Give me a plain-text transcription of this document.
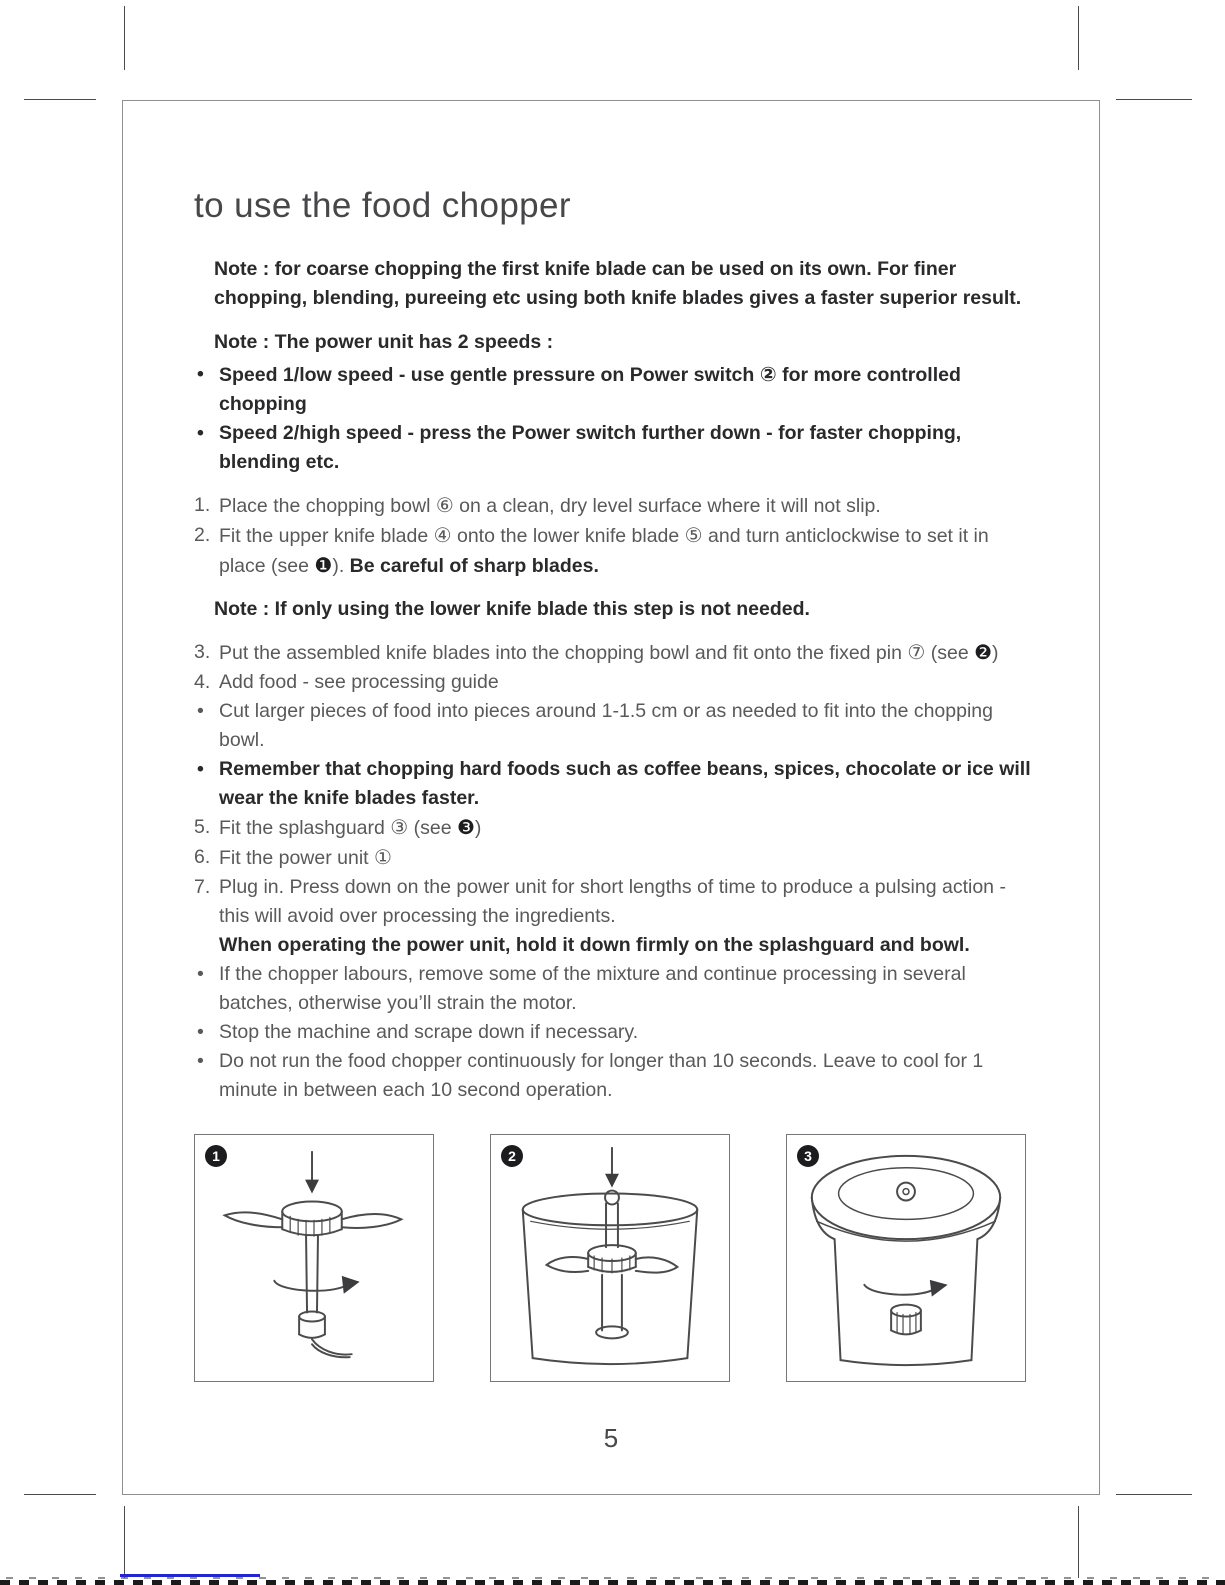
to use the food chopper

Note : for coarse chopping the first knife blade can be used on its own. For finer chopping, blending, pureeing etc using both knife blades gives a faster superior result.

Note : The power unit has 2 speeds :

• Speed 1/low speed - use gentle pressure on Power switch ② for more controlled chopping
• Speed 2/high speed - press the Power switch further down - for faster chopping, blending etc.
1. Place the chopping bowl ⑥ on a clean, dry level surface where it will not slip.
2. Fit the upper knife blade ④ onto the lower knife blade ⑤ and turn anticlockwise to set it in place (see ❶). Be careful of sharp blades.

Note : If only using the lower knife blade this step is not needed.

3. Put the assembled knife blades into the chopping bowl and fit onto the fixed pin ⑦ (see ❷)
4. Add food - see processing guide
• Cut larger pieces of food into pieces around 1-1.5 cm or as needed to fit into the chopping bowl.
• Remember that chopping hard foods such as coffee beans, spices, chocolate or ice will wear the knife blades faster.
5. Fit the splashguard ③ (see ❸)
6. Fit the power unit ①
7. Plug in. Press down on the power unit for short lengths of time to produce a pulsing action - this will avoid over processing the ingredients.
When operating the power unit, hold it down firmly on the splashguard and bowl.
• If the chopper labours, remove some of the mixture and continue processing in several batches, otherwise you’ll strain the motor.
• Stop the machine and scrape down if necessary.
• Do not run the food chopper continuously for longer than 10 seconds. Leave to cool for 1 minute in between each 10 second operation.
1	2	3
5
